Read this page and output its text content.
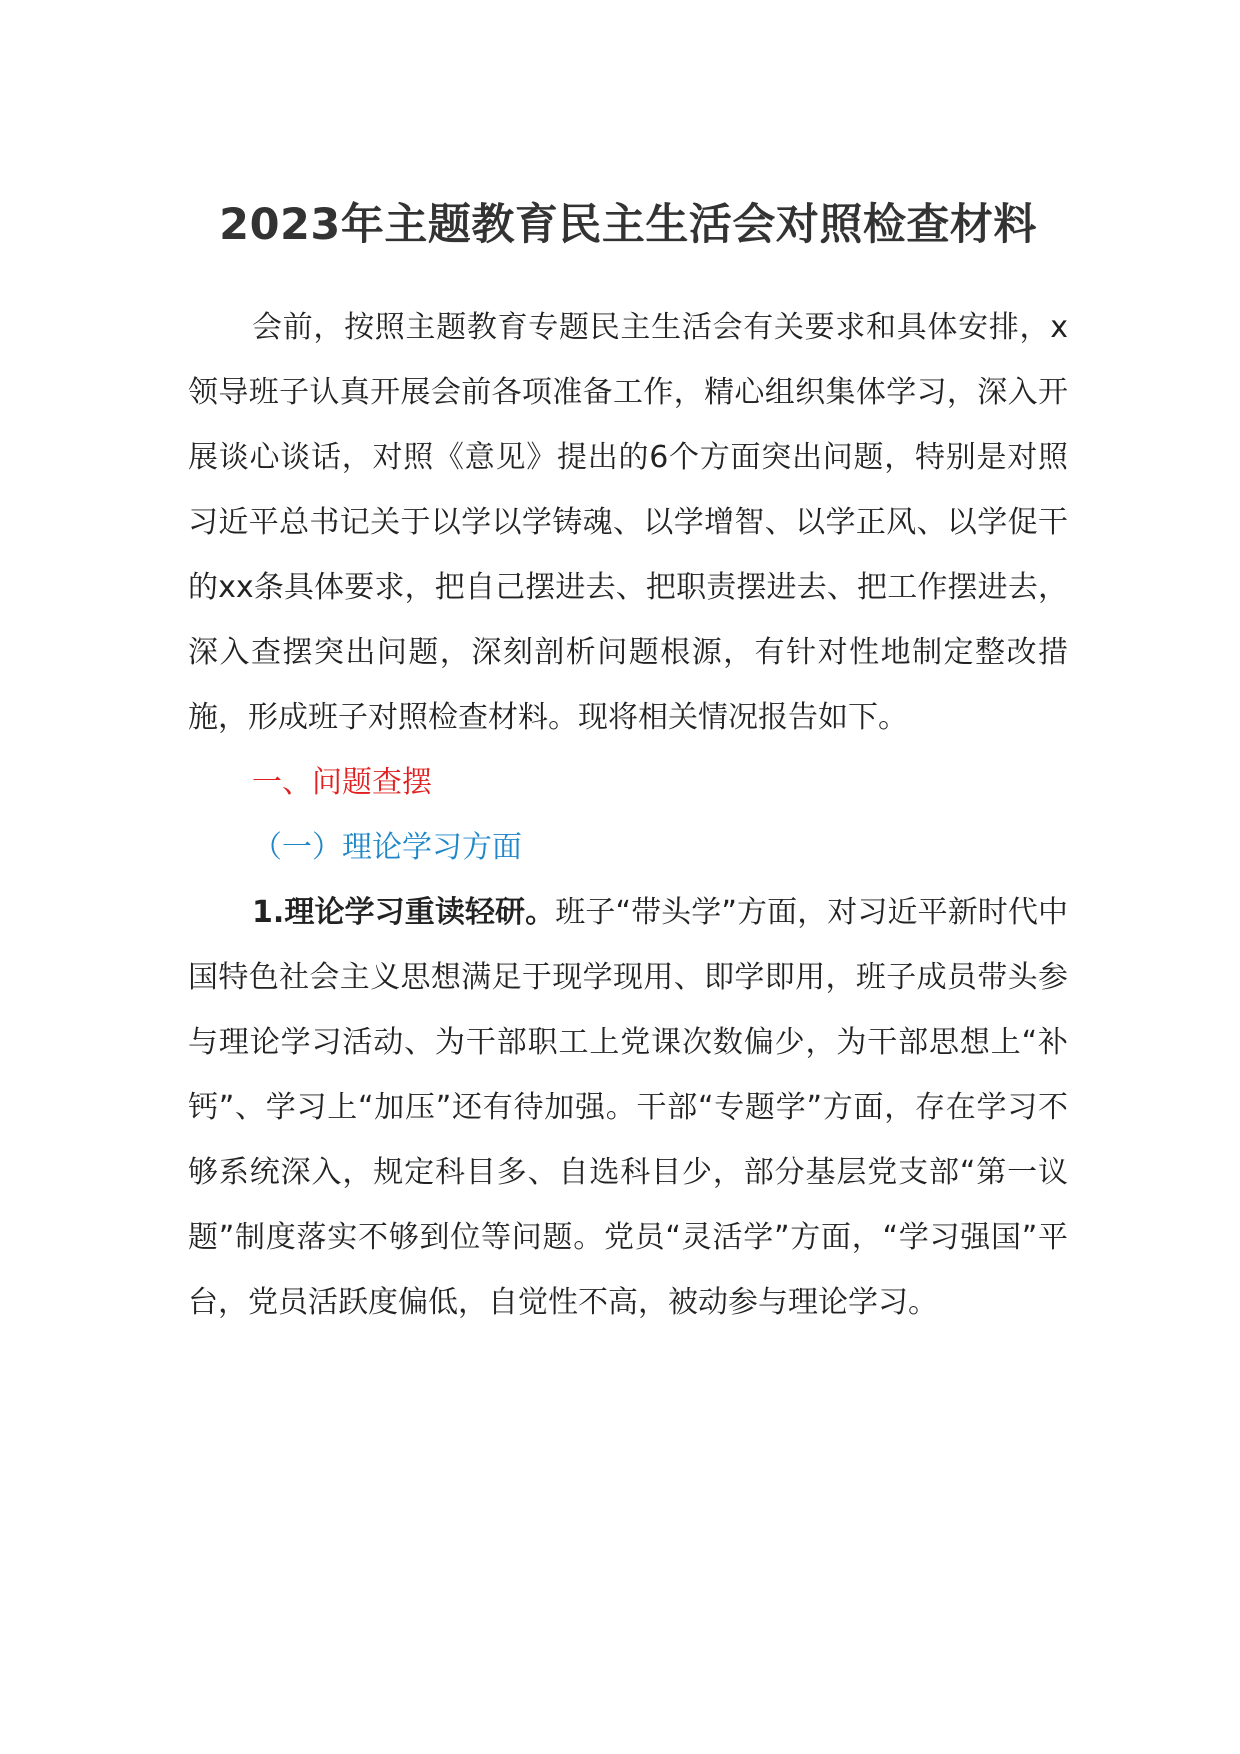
2023年主题教育民主生活会对照检查材料

会前，按照主题教育专题民主生活会有关要求和具体安排，x领导班子认真开展会前各项准备工作，精心组织集体学习，深入开展谈心谈话，对照《意见》提出的6个方面突出问题，特别是对照习近平总书记关于以学以学铸魂、以学增智、以学正风、以学促干的xx条具体要求，把自己摆进去、把职责摆进去、把工作摆进去，深入查摆突出问题，深刻剖析问题根源，有针对性地制定整改措施，形成班子对照检查材料。现将相关情况报告如下。

一、问题查摆

（一）理论学习方面

1.理论学习重读轻研。班子“带头学”方面，对习近平新时代中国特色社会主义思想满足于现学现用、即学即用，班子成员带头参与理论学习活动、为干部职工上党课次数偏少，为干部思想上“补钙”、学习上“加压”还有待加强。干部“专题学”方面，存在学习不够系统深入，规定科目多、自选科目少，部分基层党支部“第一议题”制度落实不够到位等问题。党员“灵活学”方面，“学习强国”平台，党员活跃度偏低，自觉性不高，被动参与理论学习。
